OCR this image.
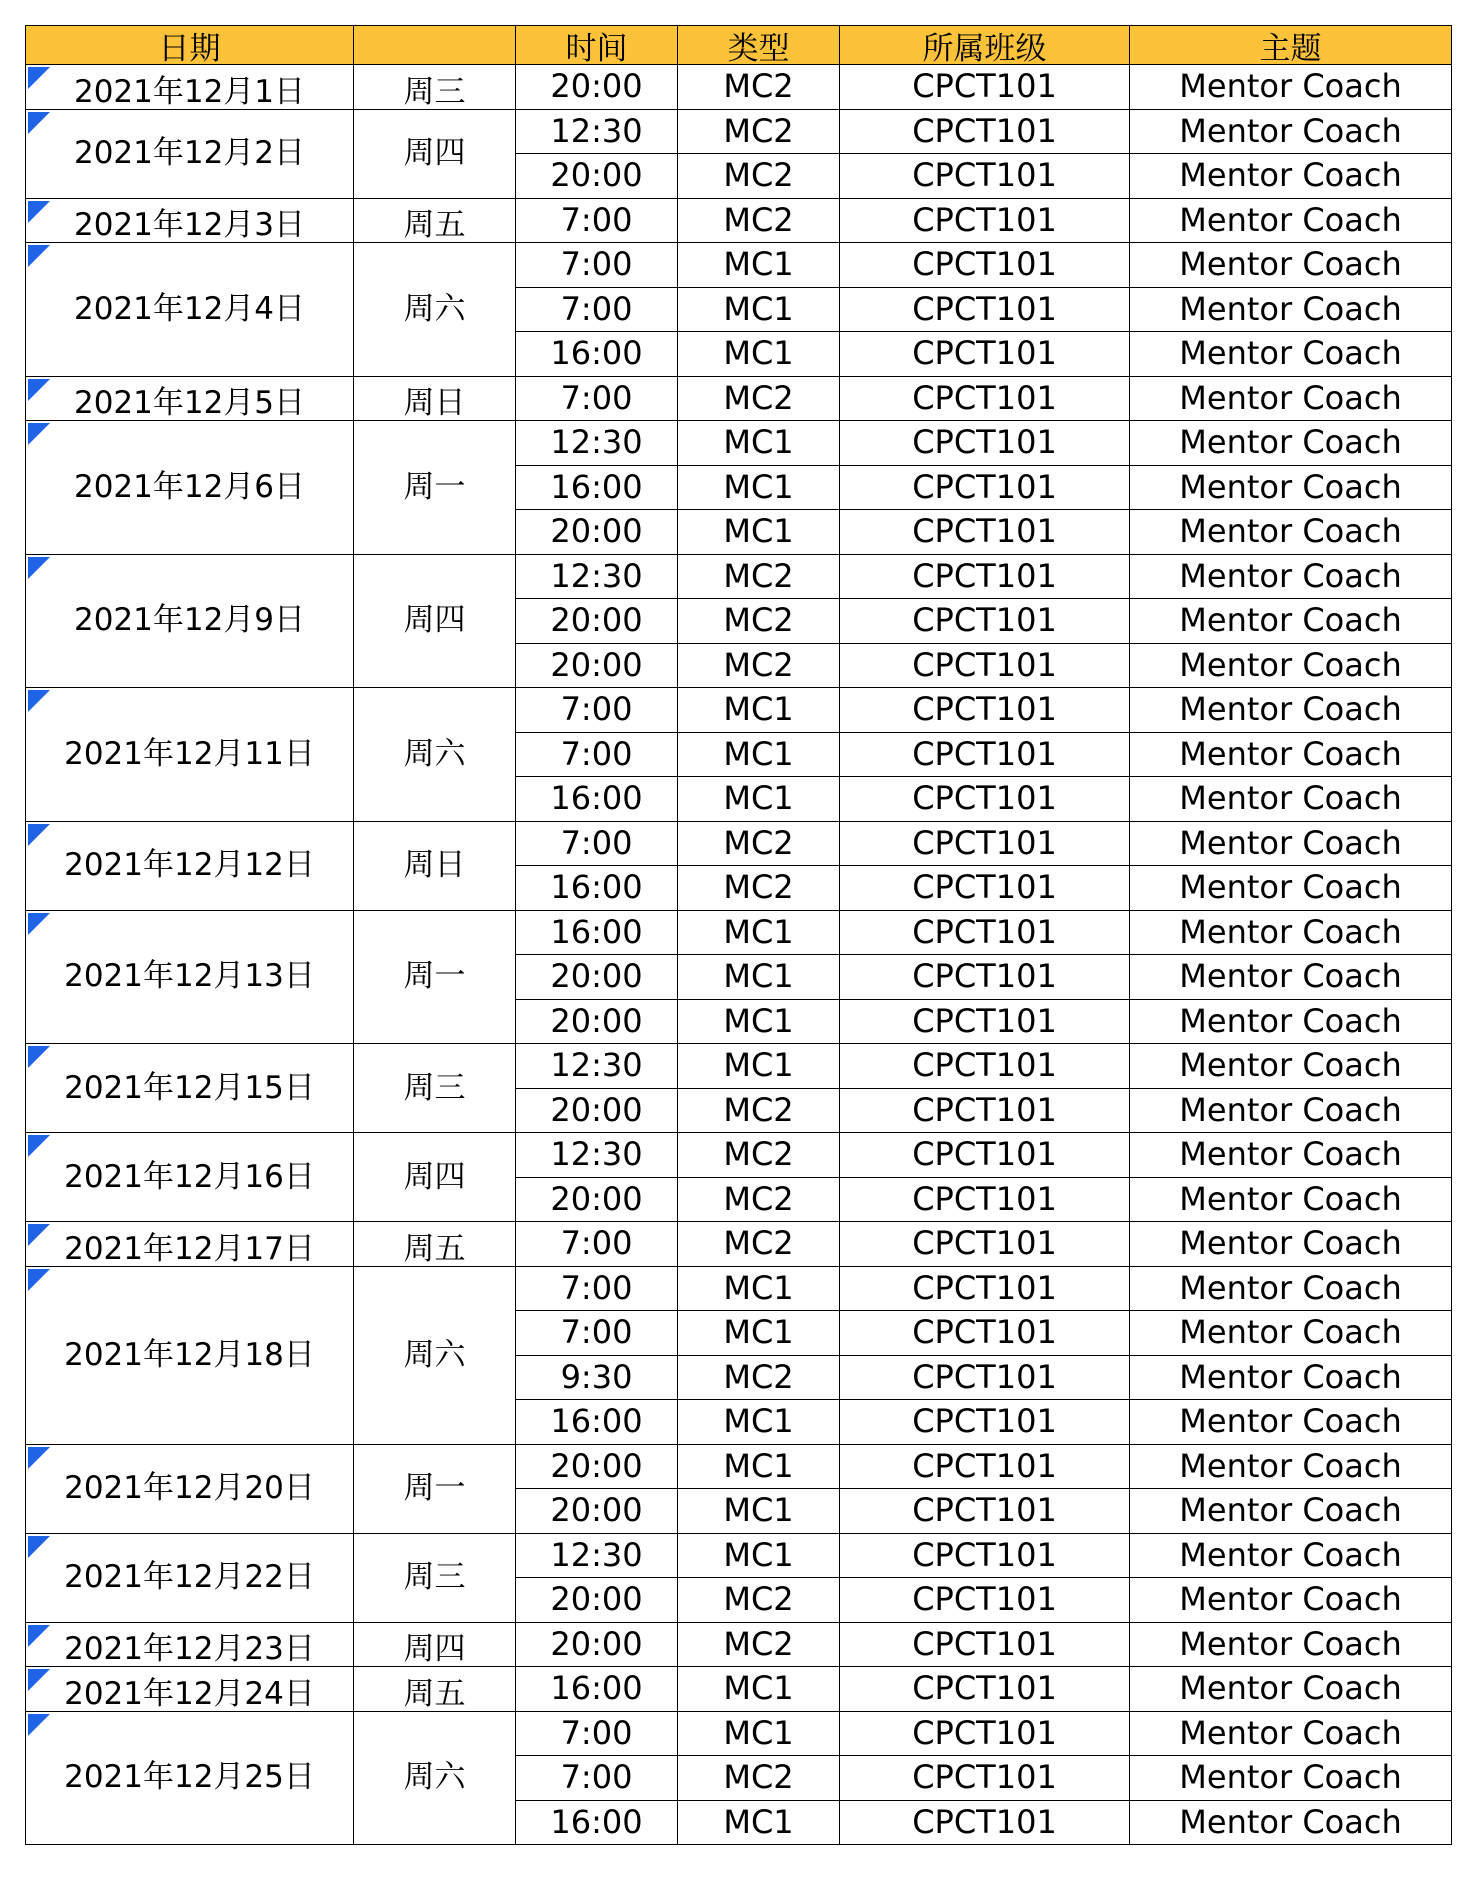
日期		时间	类型	所属班级	主题

2021年12月1日	周三	20:00	MC2	CPCT101	Mentor Coach

2021年12月2日	周四	12:30	MC2	CPCT101	Mentor Coach
		20:00	MC2	CPCT101	Mentor Coach

2021年12月3日	周五	7:00	MC2	CPCT101	Mentor Coach

2021年12月4日	周六	7:00	MC1	CPCT101	Mentor Coach
		7:00	MC1	CPCT101	Mentor Coach
		16:00	MC1	CPCT101	Mentor Coach

2021年12月5日	周日	7:00	MC2	CPCT101	Mentor Coach

2021年12月6日	周一	12:30	MC1	CPCT101	Mentor Coach
		16:00	MC1	CPCT101	Mentor Coach
		20:00	MC1	CPCT101	Mentor Coach

2021年12月9日	周四	12:30	MC2	CPCT101	Mentor Coach
		20:00	MC2	CPCT101	Mentor Coach
		20:00	MC2	CPCT101	Mentor Coach

2021年12月11日	周六	7:00	MC1	CPCT101	Mentor Coach
		7:00	MC1	CPCT101	Mentor Coach
		16:00	MC1	CPCT101	Mentor Coach

2021年12月12日	周日	7:00	MC2	CPCT101	Mentor Coach
		16:00	MC2	CPCT101	Mentor Coach

2021年12月13日	周一	16:00	MC1	CPCT101	Mentor Coach
		20:00	MC1	CPCT101	Mentor Coach
		20:00	MC1	CPCT101	Mentor Coach

2021年12月15日	周三	12:30	MC1	CPCT101	Mentor Coach
		20:00	MC2	CPCT101	Mentor Coach

2021年12月16日	周四	12:30	MC2	CPCT101	Mentor Coach
		20:00	MC2	CPCT101	Mentor Coach

2021年12月17日	周五	7:00	MC2	CPCT101	Mentor Coach

2021年12月18日	周六	7:00	MC1	CPCT101	Mentor Coach
		7:00	MC1	CPCT101	Mentor Coach
		9:30	MC2	CPCT101	Mentor Coach
		16:00	MC1	CPCT101	Mentor Coach

2021年12月20日	周一	20:00	MC1	CPCT101	Mentor Coach
		20:00	MC1	CPCT101	Mentor Coach

2021年12月22日	周三	12:30	MC1	CPCT101	Mentor Coach
		20:00	MC2	CPCT101	Mentor Coach

2021年12月23日	周四	20:00	MC2	CPCT101	Mentor Coach

2021年12月24日	周五	16:00	MC1	CPCT101	Mentor Coach

2021年12月25日	周六	7:00	MC1	CPCT101	Mentor Coach
		7:00	MC2	CPCT101	Mentor Coach
		16:00	MC1	CPCT101	Mentor Coach
